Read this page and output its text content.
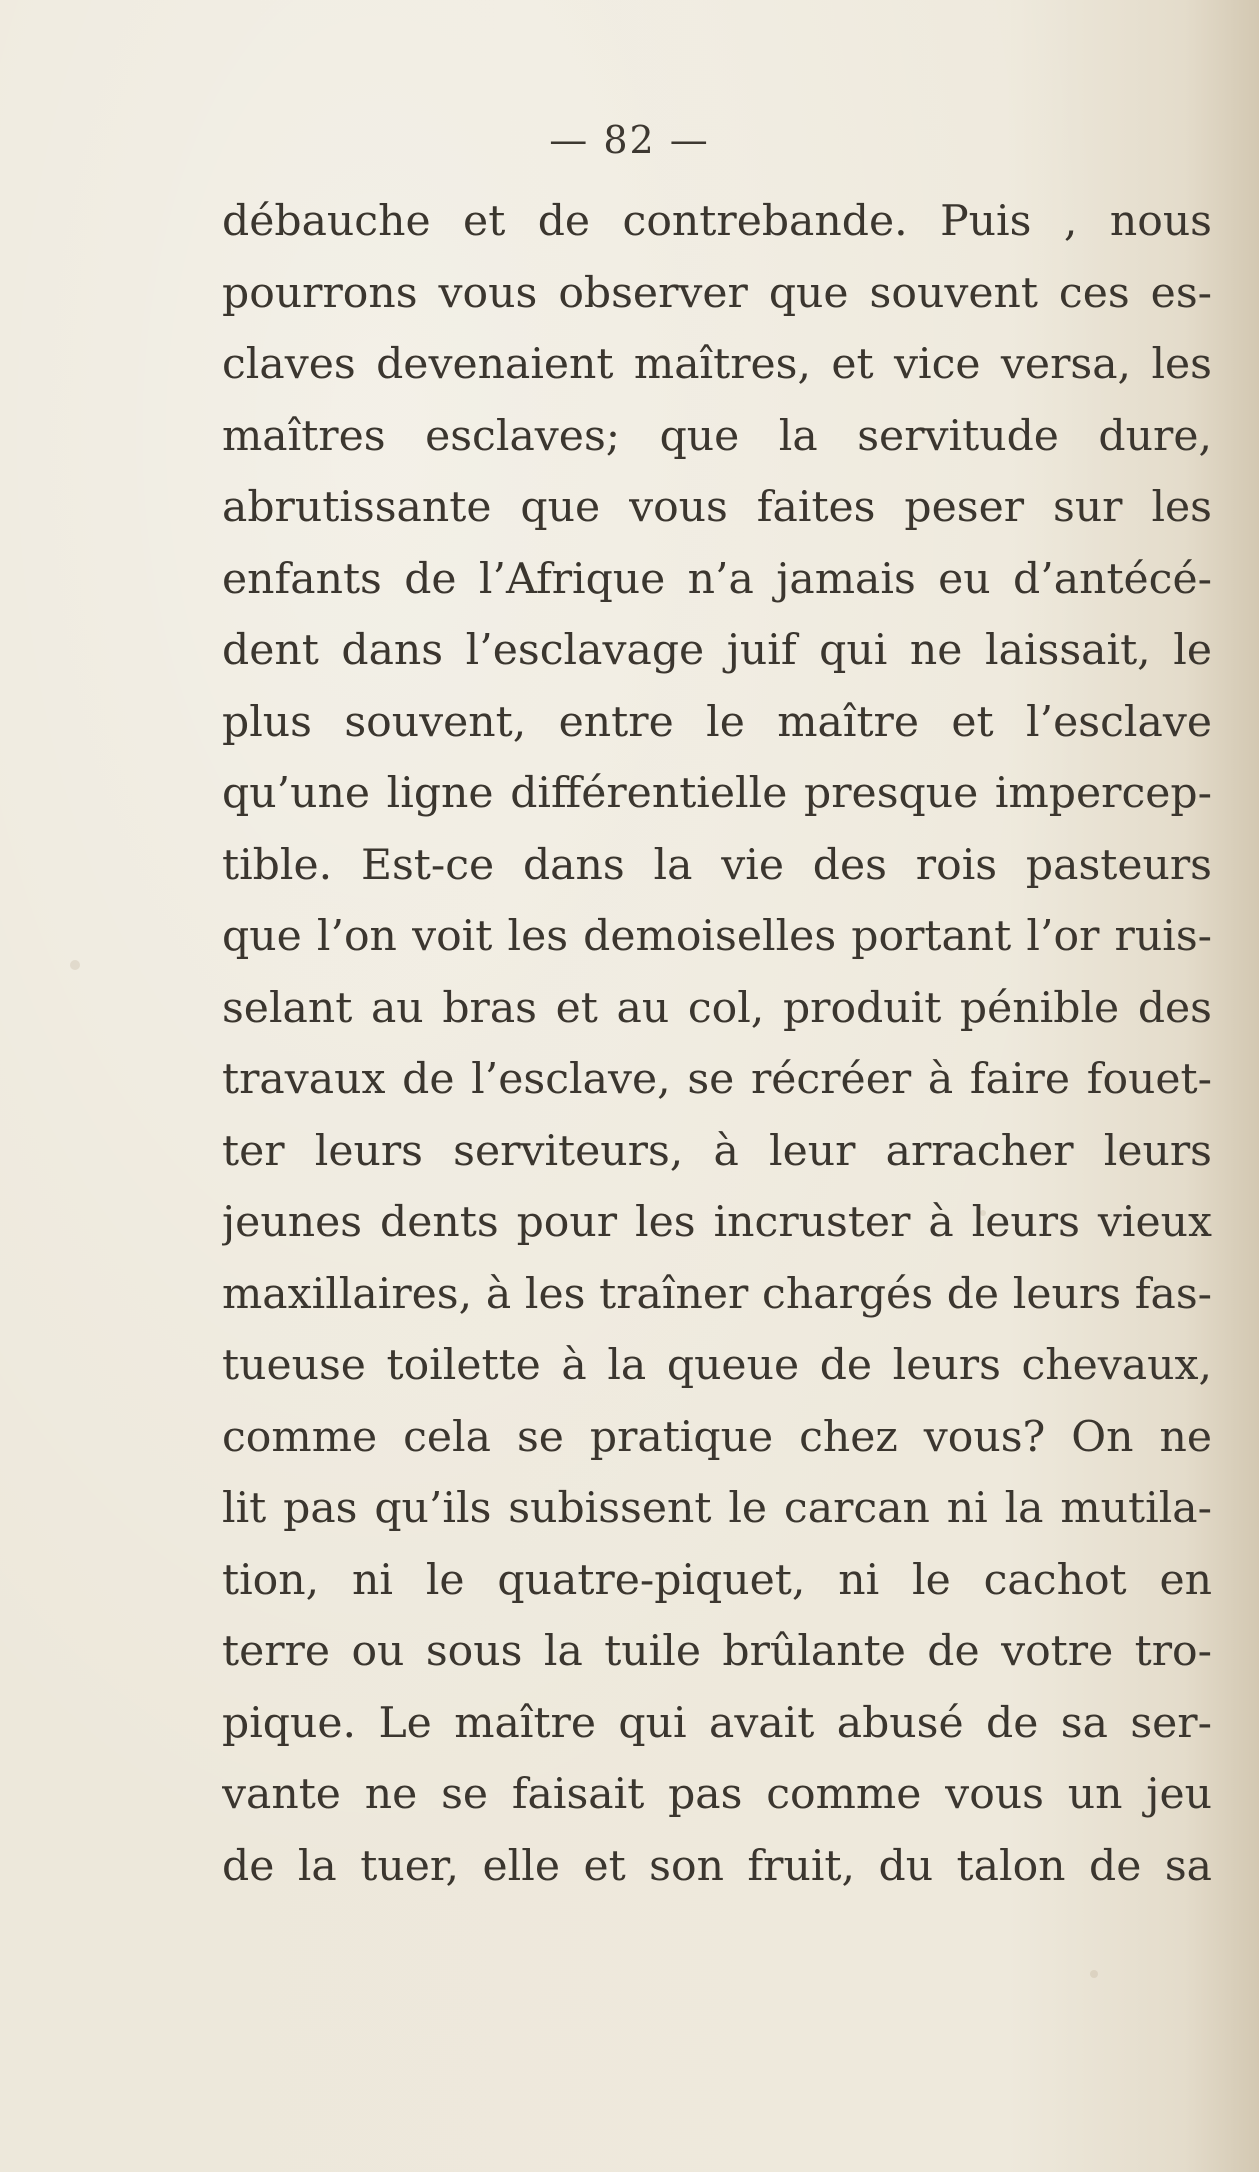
— 82 —
débauche et de contrebande. Puis , nous
pourrons vous observer que souvent ces es-
claves devenaient maîtres, et vice versa, les
maîtres esclaves; que la servitude dure,
abrutissante que vous faites peser sur les
enfants de l’Afrique n’a jamais eu d’antécé-
dent dans l’esclavage juif qui ne laissait, le
plus souvent, entre le maître et l’esclave
qu’une ligne différentielle presque impercep-
tible. Est-ce dans la vie des rois pasteurs
que l’on voit les demoiselles portant l’or ruis-
selant au bras et au col, produit pénible des
travaux de l’esclave, se récréer à faire fouet-
ter leurs serviteurs, à leur arracher leurs
jeunes dents pour les incruster à leurs vieux
maxillaires, à les traîner chargés de leurs fas-
tueuse toilette à la queue de leurs chevaux,
comme cela se pratique chez vous? On ne
lit pas qu’ils subissent le carcan ni la mutila-
tion, ni le quatre-piquet, ni le cachot en
terre ou sous la tuile brûlante de votre tro-
pique. Le maître qui avait abusé de sa ser-
vante ne se faisait pas comme vous un jeu
de la tuer, elle et son fruit, du talon de sa
